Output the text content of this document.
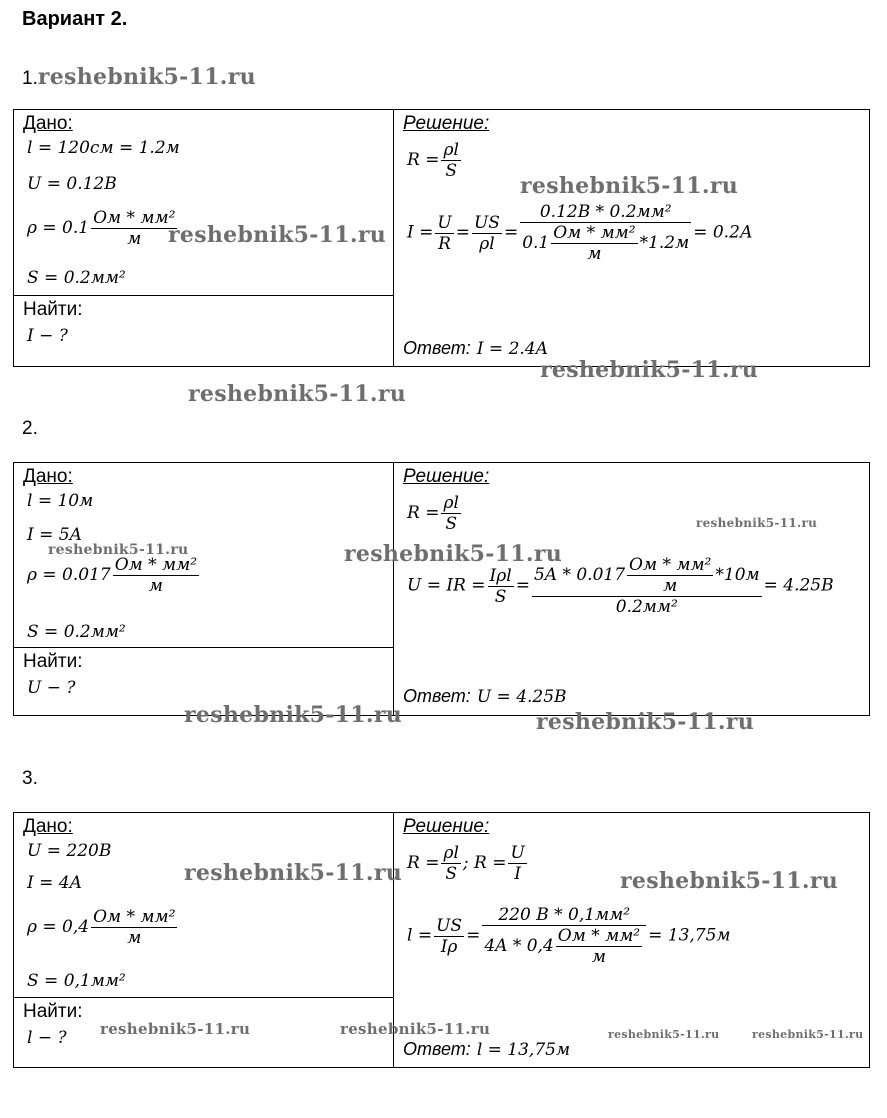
Вариант 2.
1.reshebnik5-11.ru
Дано:
l = 120см = 1.2м
U = 0.12В
$\rho = 0.1 \frac{\text{Ом * мм²}}{м}$
S = 0.2мм²
Найти:
I − ?
Решение:
$R = \frac{\rho l}{S}$
$I = \frac{U}{R} = \frac{US}{\rho l} = \frac{\text{0.12В * 0.2мм²}}{0.1 \frac{\text{Ом * мм²}}{м} *1.2м} = 0.2А$
Ответ: I = 2.4A
2.
Дано:
l = 10м
I = 5A
$\rho = 0.017 \frac{\text{Ом * мм²}}{м}$
S = 0.2мм²
Найти:
U − ?
Решение:
$R = \frac{\rho l}{S}$
U = IR = $\frac{\text{Iρl}}{S} = \frac{5A * 0.017 \frac{\text{Ом * мм²}}{м} *10м}{\text{0.2мм²}} = 4.25В$
Ответ: U = 4.25В
3.
Дано:
U = 220В
I = 4A
$\rho = 0,4 \frac{\text{Ом * мм²}}{м}$
S = 0,1мм²
Найти:
l − ?
Решение:
$R = \frac{\rho l}{S}$ ; $R = \frac{U}{I}$
$l = \frac{US}{I\rho} = \frac{\text{220 В * 0,1мм²}}{4A * 0,4 \frac{\text{Ом * мм²}}{м}} = 13,75м$
Ответ: l = 13,75м
reshebnik5-11.ru
reshebnik5-11.ru
reshebnik5-11.ru
reshebnik5-11.ru
reshebnik5-11.ru
reshebnik5-11.ru	reshebnik5-11.ru
reshebnik5-11.ru	reshebnik5-11.ru
reshebnik5-11.ru	reshebnik5-11.ru
reshebnik5-11.ru	reshebnik5-11.ru	reshebnik5-11.ru	reshebnik5-11.ru
